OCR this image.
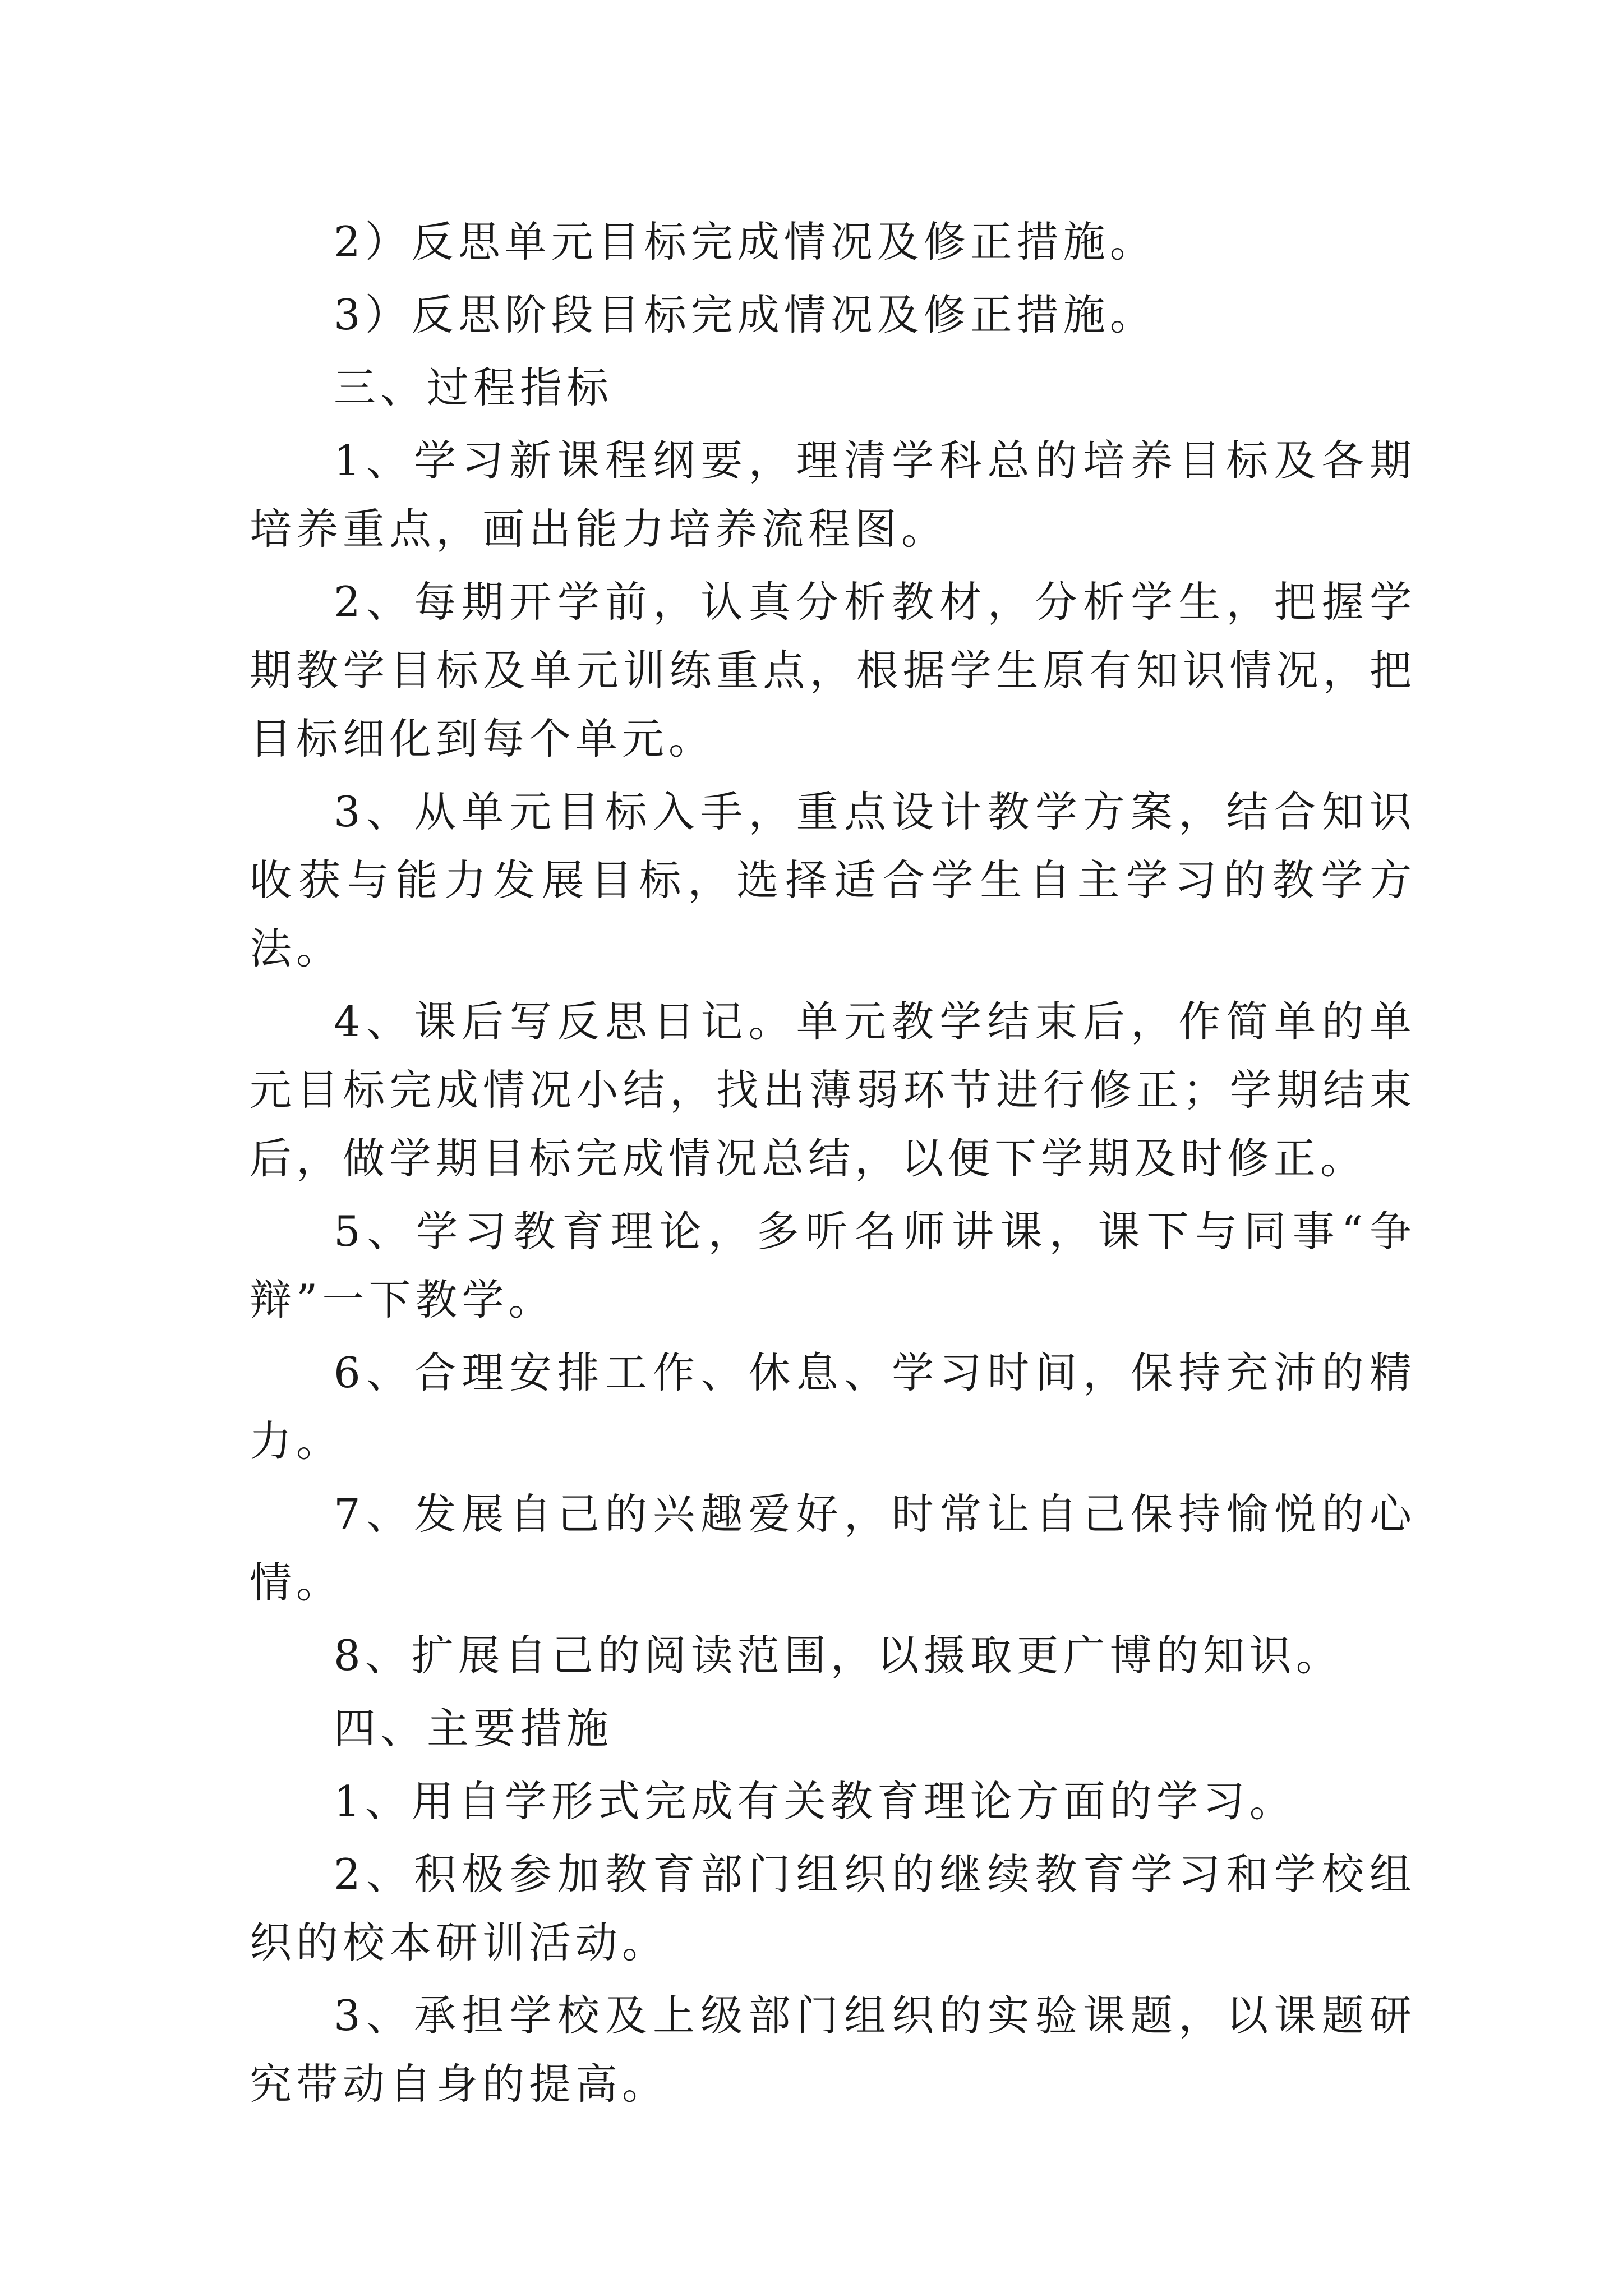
2）反思单元目标完成情况及修正措施。

3）反思阶段目标完成情况及修正措施。

三、过程指标

1、学习新课程纲要，理清学科总的培养目标及各期培养重点，画出能力培养流程图。

2、每期开学前，认真分析教材，分析学生，把握学期教学目标及单元训练重点，根据学生原有知识情况，把目标细化到每个单元。

3、从单元目标入手，重点设计教学方案，结合知识收获与能力发展目标，选择适合学生自主学习的教学方法。

4、课后写反思日记。单元教学结束后，作简单的单元目标完成情况小结，找出薄弱环节进行修正；学期结束后，做学期目标完成情况总结，以便下学期及时修正。

5、学习教育理论，多听名师讲课，课下与同事“争辩”一下教学。

6、合理安排工作、休息、学习时间，保持充沛的精力。

7、发展自己的兴趣爱好，时常让自己保持愉悦的心情。

8、扩展自己的阅读范围，以摄取更广博的知识。

四、主要措施

1、用自学形式完成有关教育理论方面的学习。

2、积极参加教育部门组织的继续教育学习和学校组织的校本研训活动。

3、承担学校及上级部门组织的实验课题，以课题研究带动自身的提高。
